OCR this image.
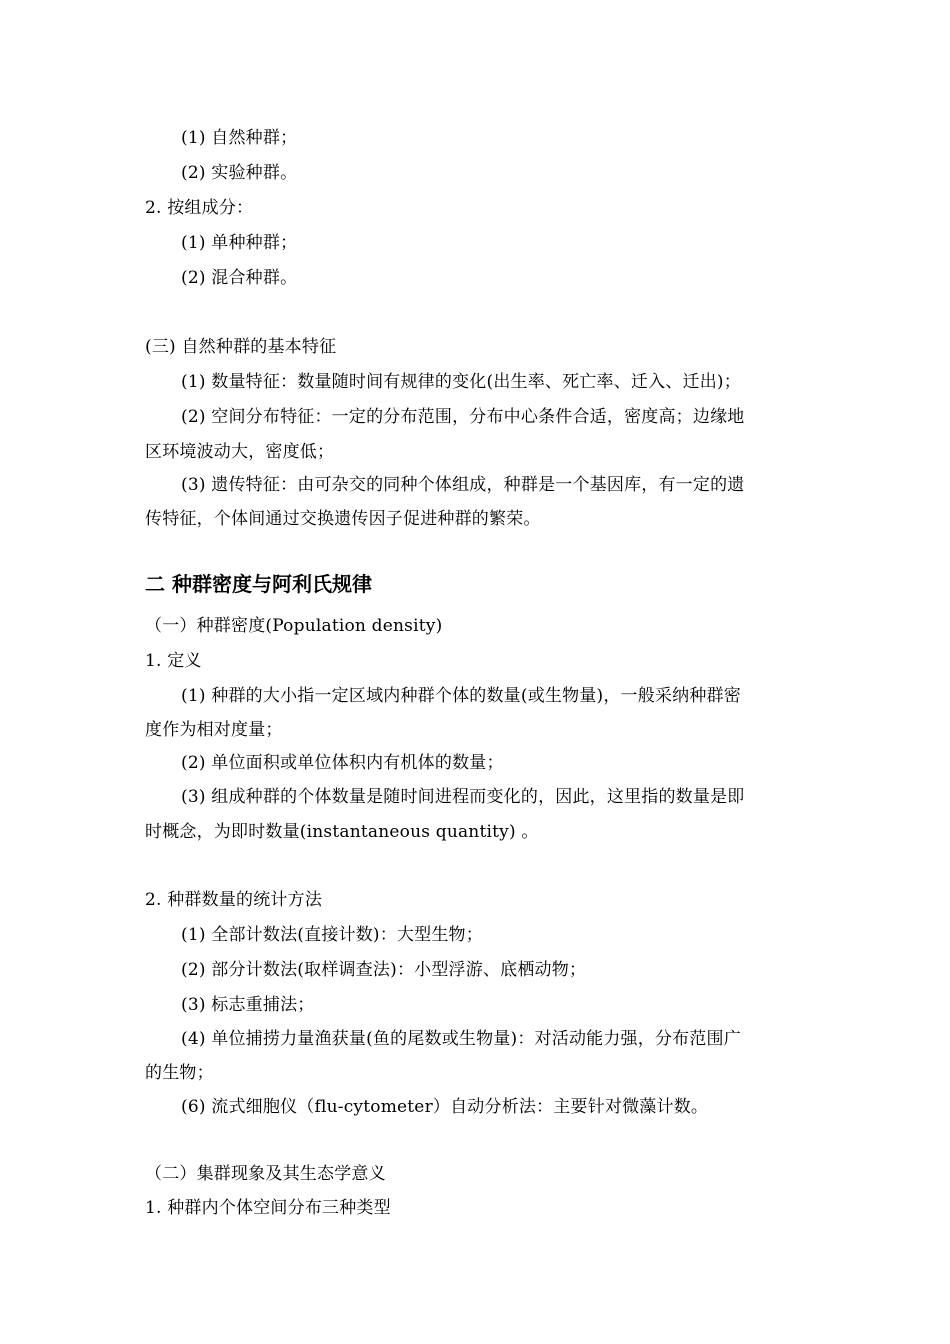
(1) 自然种群；
(2) 实验种群。
2. 按组成分：
(1) 单种种群；
(2) 混合种群。
(三) 自然种群的基本特征
(1) 数量特征：数量随时间有规律的变化(出生率、死亡率、迁入、迁出)；
(2) 空间分布特征：一定的分布范围，分布中心条件合适，密度高；边缘地
区环境波动大，密度低；
(3) 遗传特征：由可杂交的同种个体组成，种群是一个基因库，有一定的遗
传特征，个体间通过交换遗传因子促进种群的繁荣。
二 种群密度与阿利氏规律
（一）种群密度(Population density)
1. 定义
(1) 种群的大小指一定区域内种群个体的数量(或生物量)，一般采纳种群密
度作为相对度量；
(2) 单位面积或单位体积内有机体的数量；
(3) 组成种群的个体数量是随时间进程而变化的，因此，这里指的数量是即
时概念，为即时数量(instantaneous quantity) 。
2. 种群数量的统计方法
(1) 全部计数法(直接计数)：大型生物；
(2) 部分计数法(取样调查法)：小型浮游、底栖动物；
(3) 标志重捕法；
(4) 单位捕捞力量渔获量(鱼的尾数或生物量)：对活动能力强，分布范围广
的生物；
(6) 流式细胞仪（flu-cytometer）自动分析法：主要针对微藻计数。
（二）集群现象及其生态学意义
1. 种群内个体空间分布三种类型
